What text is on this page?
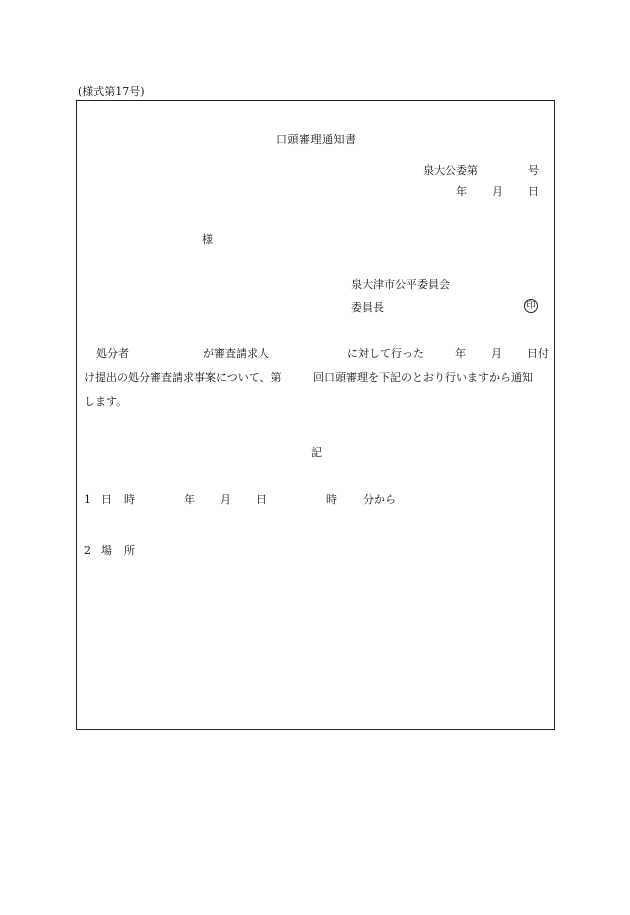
(様式第17号)
口頭審理通知書
泉大公委第	号
年 月 日
様
泉大津市公平委員会
委員長	印
処分者	が審査請求人	に対して行った	年 月 日付
け提出の処分審査請求事案について、第	回口頭審理を下記のとおり行いますから通知
します。
記
1 日 時	年 月 日	時 分から
2 場 所
